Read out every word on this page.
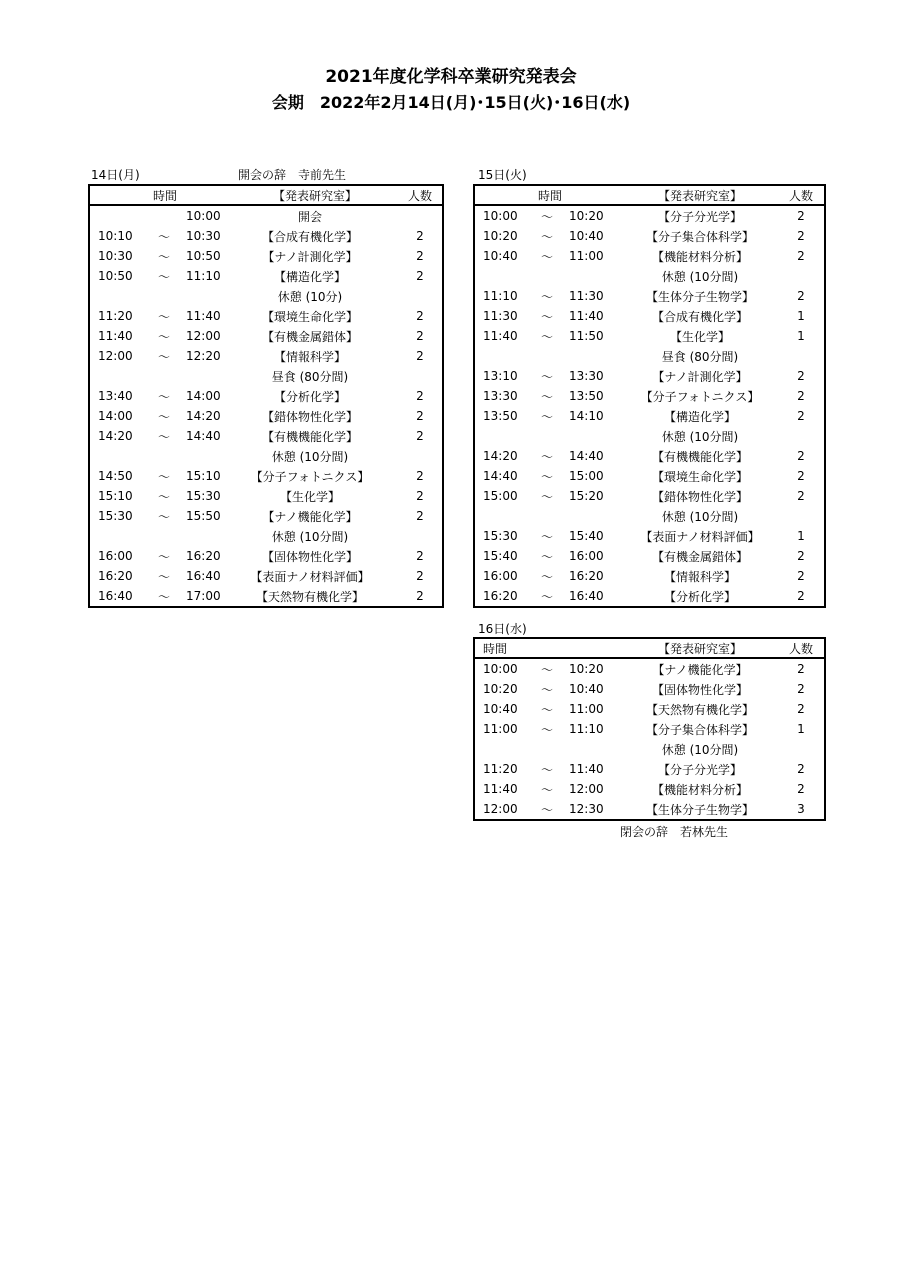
2021年度化学科卒業研究発表会
会期　2022年2月14日(月)･15日(火)･16日(水)
14日(月)	開会の辞　寺前先生
時間	【発表研究室】	人数
10:00	開会
10:10	～	10:30	【合成有機化学】	2
10:30	～	10:50	【ナノ計測化学】	2
10:50	～	11:10	【構造化学】	2
休憩 (10分)
11:20	～	11:40	【環境生命化学】	2
11:40	～	12:00	【有機金属錯体】	2
12:00	～	12:20	【情報科学】	2
昼食 (80分間)
13:40	～	14:00	【分析化学】	2
14:00	～	14:20	【錯体物性化学】	2
14:20	～	14:40	【有機機能化学】	2
休憩 (10分間)
14:50	～	15:10	【分子フォトニクス】	2
15:10	～	15:30	【生化学】	2
15:30	～	15:50	【ナノ機能化学】	2
休憩 (10分間)
16:00	～	16:20	【固体物性化学】	2
16:20	～	16:40	【表面ナノ材料評価】	2
16:40	～	17:00	【天然物有機化学】	2
15日(火)
時間	【発表研究室】	人数
10:00	～	10:20	【分子分光学】	2
10:20	～	10:40	【分子集合体科学】	2
10:40	～	11:00	【機能材料分析】	2
休憩 (10分間)
11:10	～	11:30	【生体分子生物学】	2
11:30	～	11:40	【合成有機化学】	1
11:40	～	11:50	【生化学】	1
昼食 (80分間)
13:10	～	13:30	【ナノ計測化学】	2
13:30	～	13:50	【分子フォトニクス】	2
13:50	～	14:10	【構造化学】	2
休憩 (10分間)
14:20	～	14:40	【有機機能化学】	2
14:40	～	15:00	【環境生命化学】	2
15:00	～	15:20	【錯体物性化学】	2
休憩 (10分間)
15:30	～	15:40	【表面ナノ材料評価】	1
15:40	～	16:00	【有機金属錯体】	2
16:00	～	16:20	【情報科学】	2
16:20	～	16:40	【分析化学】	2
16日(水)
時間	【発表研究室】	人数
10:00	～	10:20	【ナノ機能化学】	2
10:20	～	10:40	【固体物性化学】	2
10:40	～	11:00	【天然物有機化学】	2
11:00	～	11:10	【分子集合体科学】	1
休憩 (10分間)
11:20	～	11:40	【分子分光学】	2
11:40	～	12:00	【機能材料分析】	2
12:00	～	12:30	【生体分子生物学】	3
閉会の辞　若林先生
